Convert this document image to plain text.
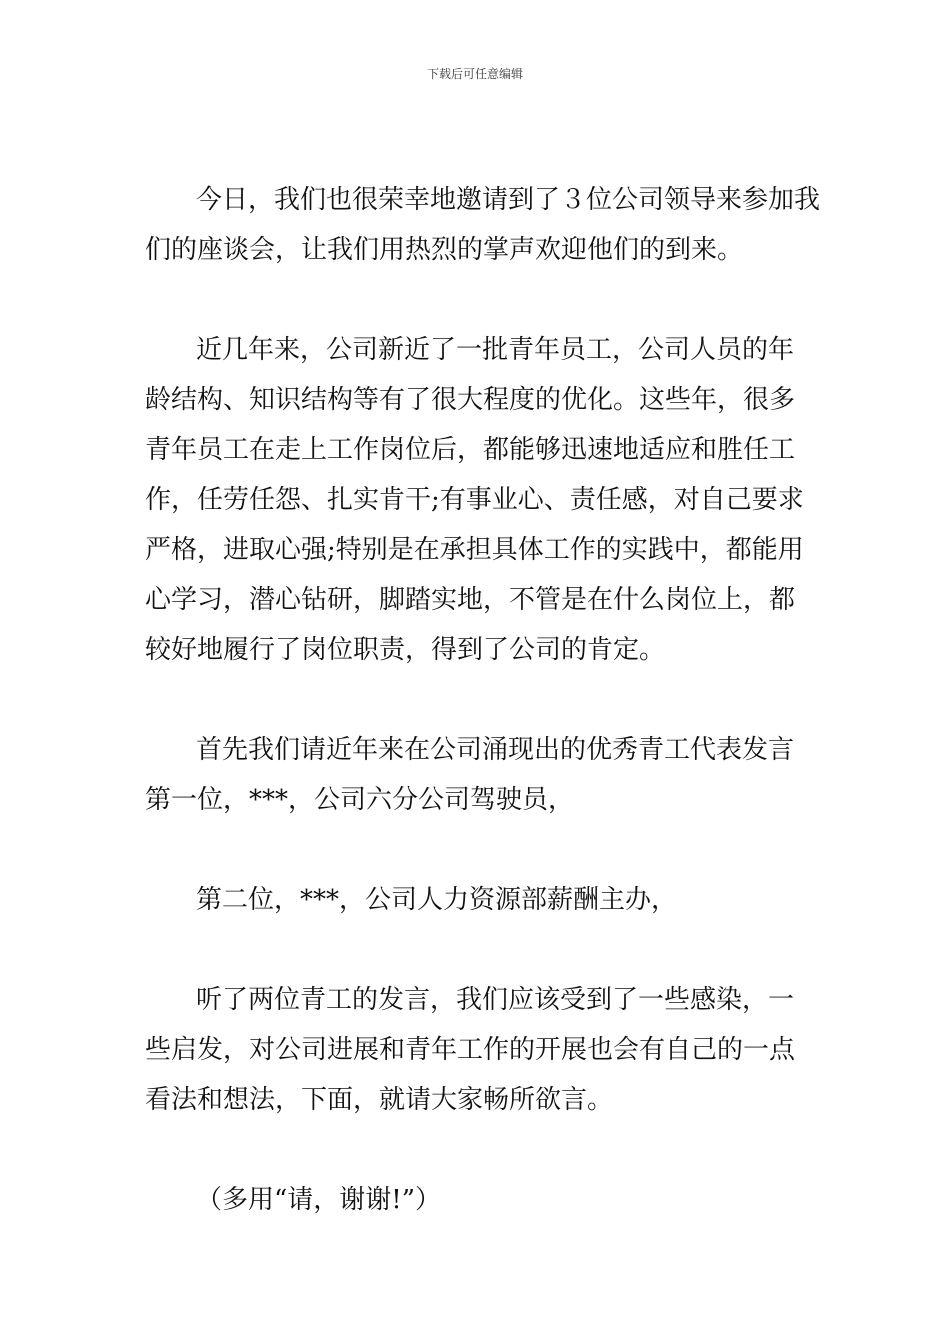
下载后可任意编辑
今日，我们也很荣幸地邀请到了３位公司领导来参加我
们的座谈会，让我们用热烈的掌声欢迎他们的到来。
近几年来，公司新近了一批青年员工，公司人员的年
龄结构、知识结构等有了很大程度的优化。这些年，很多
青年员工在走上工作岗位后，都能够迅速地适应和胜任工
作，任劳任怨、扎实肯干;有事业心、责任感，对自己要求
严格，进取心强;特别是在承担具体工作的实践中，都能用
心学习，潜心钻研，脚踏实地，不管是在什么岗位上，都
较好地履行了岗位职责，得到了公司的肯定。
首先我们请近年来在公司涌现出的优秀青工代表发言
第一位，***，公司六分公司驾驶员，
第二位，***，公司人力资源部薪酬主办，
听了两位青工的发言，我们应该受到了一些感染，一
些启发，对公司进展和青年工作的开展也会有自己的一点
看法和想法，下面，就请大家畅所欲言。
（多用“请，谢谢!”）
